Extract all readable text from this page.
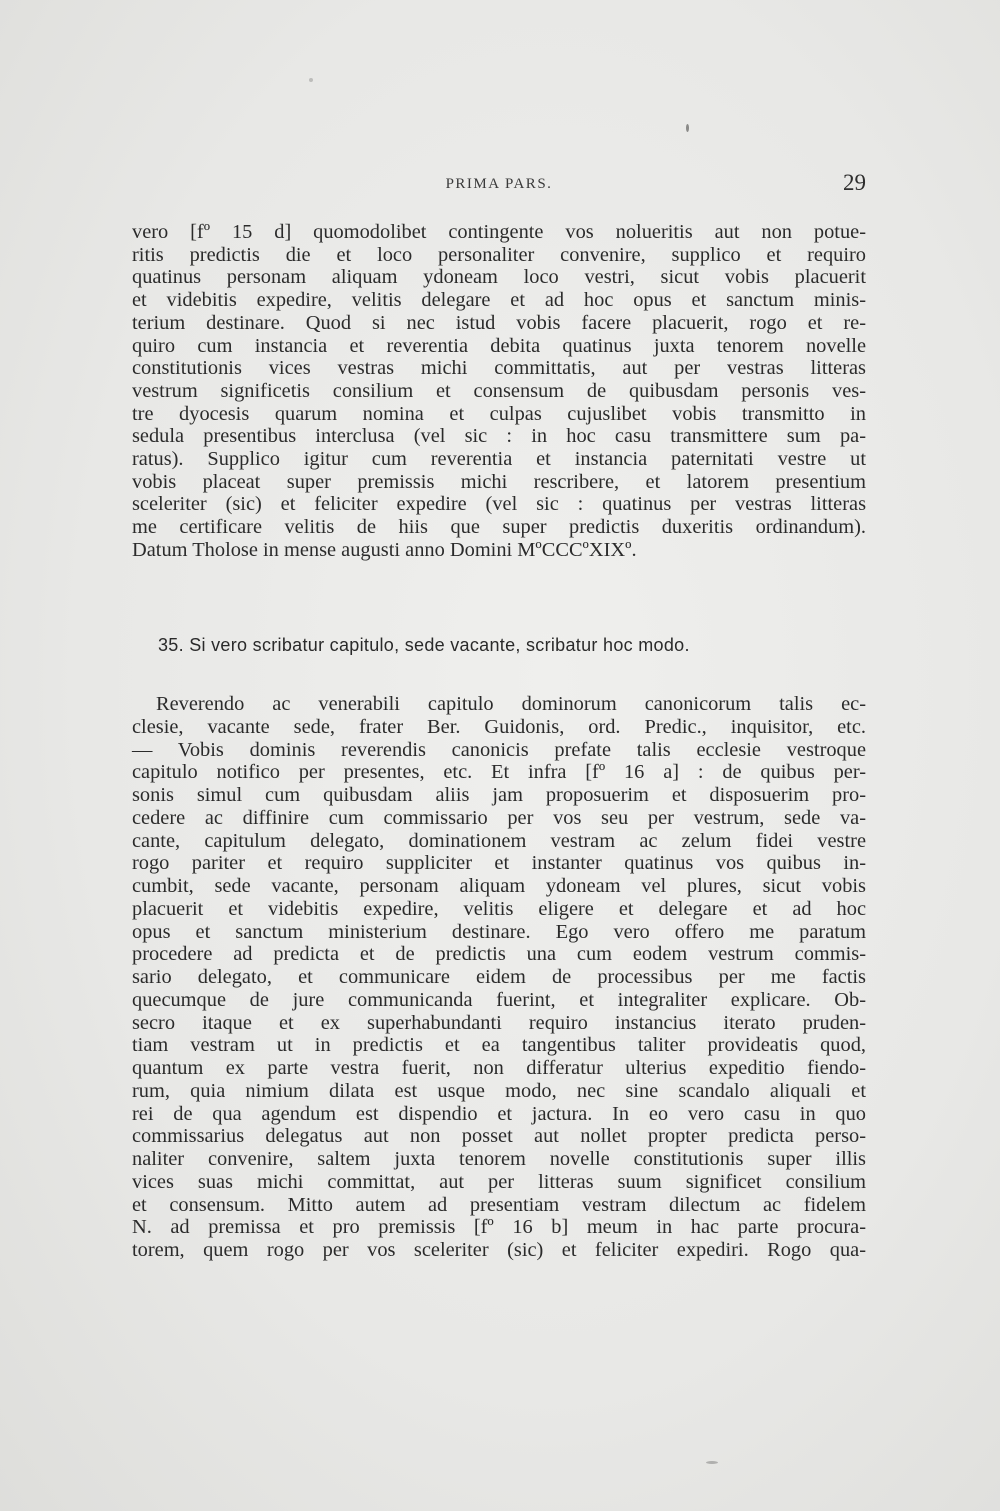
PRIMA PARS.	29
vero [fº 15 d] quomodolibet contingente vos nolueritis aut non potue-
ritis predictis die et loco personaliter convenire, supplico et requiro
quatinus personam aliquam ydoneam loco vestri, sicut vobis placuerit
et videbitis expedire, velitis delegare et ad hoc opus et sanctum minis-
terium destinare. Quod si nec istud vobis facere placuerit, rogo et re-
quiro cum instancia et reverentia debita quatinus juxta tenorem novelle
constitutionis vices vestras michi committatis, aut per vestras litteras
vestrum significetis consilium et consensum de quibusdam personis ves-
tre dyocesis quarum nomina et culpas cujuslibet vobis transmitto in
sedula presentibus interclusa (vel sic : in hoc casu transmittere sum pa-
ratus). Supplico igitur cum reverentia et instancia paternitati vestre ut
vobis placeat super premissis michi rescribere, et latorem presentium
sceleriter (sic) et feliciter expedire (vel sic : quatinus per vestras litteras
me certificare velitis de hiis que super predictis duxeritis ordinandum).
Datum Tholose in mense augusti anno Domini MºCCCºXIXº.
35. Si vero scribatur capitulo, sede vacante, scribatur hoc modo.
Reverendo ac venerabili capitulo dominorum canonicorum talis ec-
clesie, vacante sede, frater Ber. Guidonis, ord. Predic., inquisitor, etc.
— Vobis dominis reverendis canonicis prefate talis ecclesie vestroque
capitulo notifico per presentes, etc. Et infra [fº 16 a] : de quibus per-
sonis simul cum quibusdam aliis jam proposuerim et disposuerim pro-
cedere ac diffinire cum commissario per vos seu per vestrum, sede va-
cante, capitulum delegato, dominationem vestram ac zelum fidei vestre
rogo pariter et requiro suppliciter et instanter quatinus vos quibus in-
cumbit, sede vacante, personam aliquam ydoneam vel plures, sicut vobis
placuerit et videbitis expedire, velitis eligere et delegare et ad hoc
opus et sanctum ministerium destinare. Ego vero offero me paratum
procedere ad predicta et de predictis una cum eodem vestrum commis-
sario delegato, et communicare eidem de processibus per me factis
quecumque de jure communicanda fuerint, et integraliter explicare. Ob-
secro itaque et ex superhabundanti requiro instancius iterato pruden-
tiam vestram ut in predictis et ea tangentibus taliter provideatis quod,
quantum ex parte vestra fuerit, non differatur ulterius expeditio fiendo-
rum, quia nimium dilata est usque modo, nec sine scandalo aliquali et
rei de qua agendum est dispendio et jactura. In eo vero casu in quo
commissarius delegatus aut non posset aut nollet propter predicta perso-
naliter convenire, saltem juxta tenorem novelle constitutionis super illis
vices suas michi committat, aut per litteras suum significet consilium
et consensum. Mitto autem ad presentiam vestram dilectum ac fidelem
N. ad premissa et pro premissis [fº 16 b] meum in hac parte procura-
torem, quem rogo per vos sceleriter (sic) et feliciter expediri. Rogo qua-
